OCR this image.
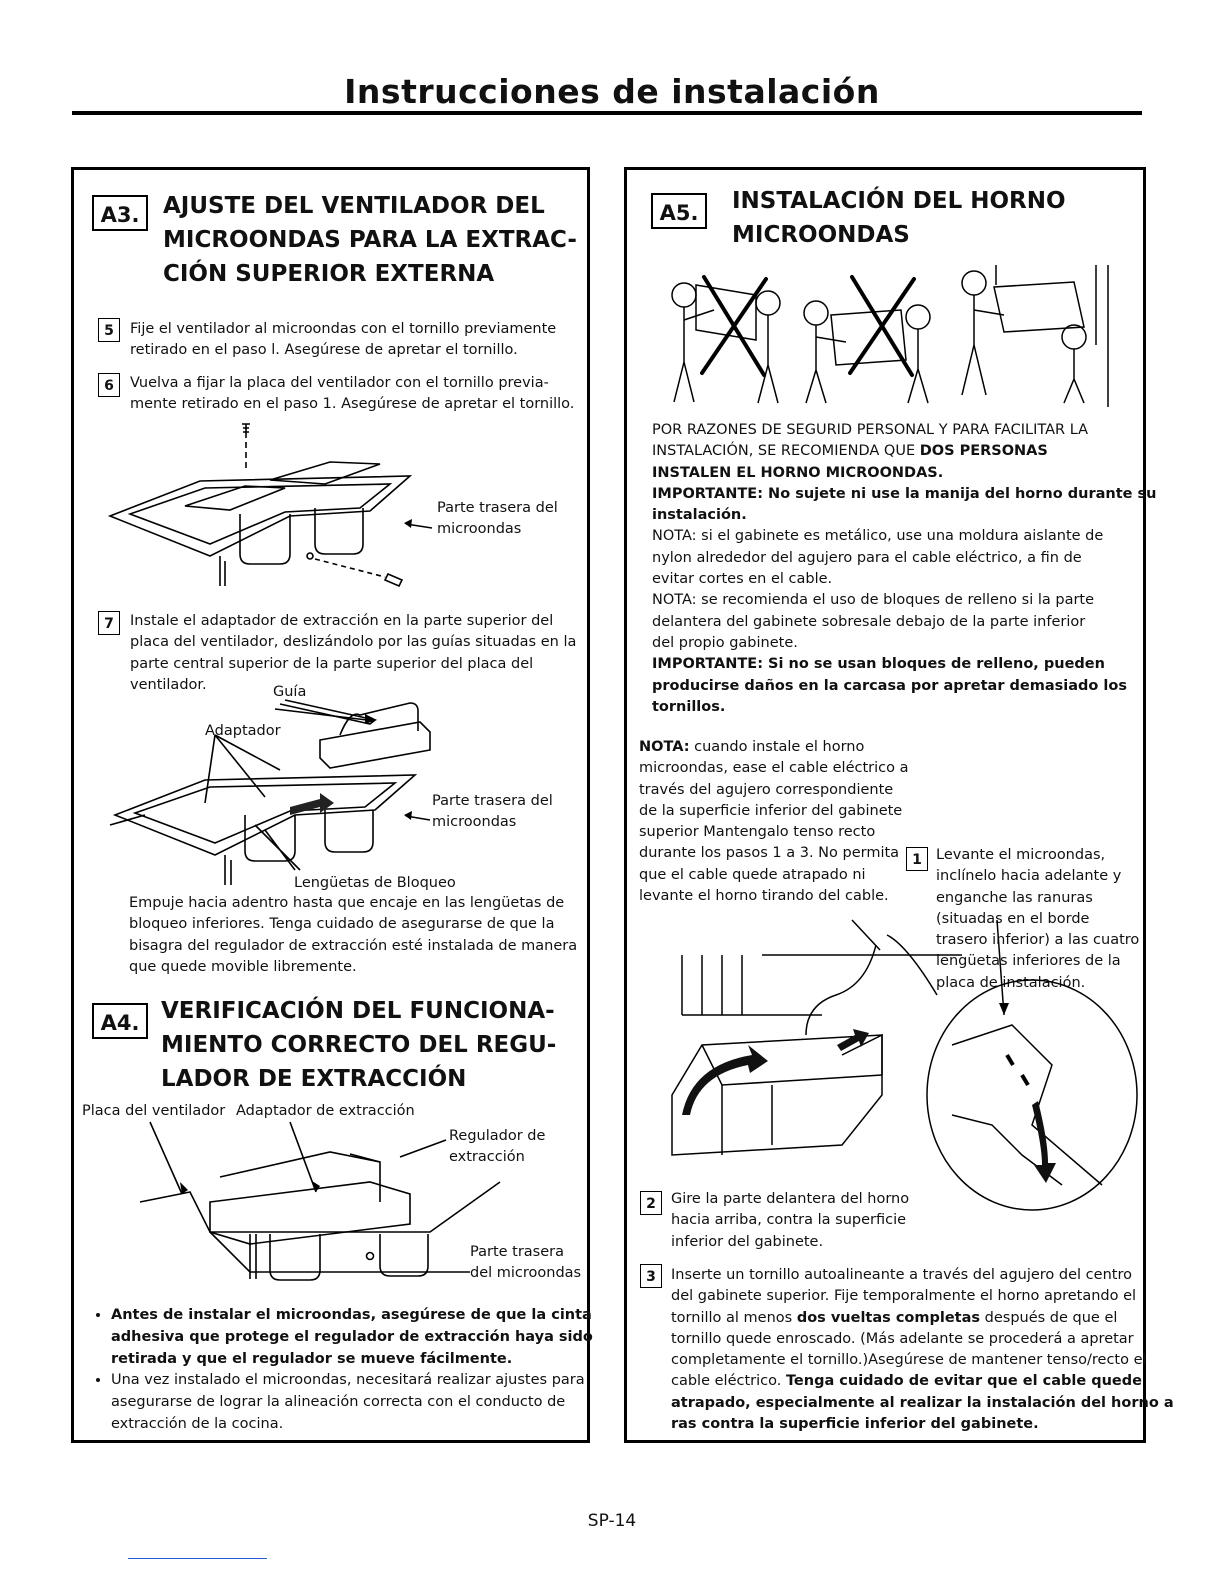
Instrucciones de instalación
A3.	AJUSTE DEL VENTILADOR DEL
MICROONDAS PARA LA EXTRAC-
CIÓN SUPERIOR EXTERNA
5	Fije el ventilador al microondas con el tornillo previamente
retirado en el paso l. Asegúrese de apretar el tornillo.
6	Vuelva a fijar la placa del ventilador con el tornillo previa-
mente retirado en el paso 1. Asegúrese de apretar el tornillo.
Parte trasera del
microondas
7	Instale el adaptador de extracción en la parte superior del
placa del ventilador, deslizándolo por las guías situadas en la
parte central superior de la parte superior del placa del
ventilador.	Guía
Adaptador
Parte trasera del
microondas
Lengüetas de Bloqueo
Empuje hacia adentro hasta que encaje en las lengüetas de
bloqueo inferiores. Tenga cuidado de asegurarse de que la
bisagra del regulador de extracción esté instalada de manera
que quede movible libremente.
A4. VERIFICACIÓN DEL FUNCIONA-
MIENTO CORRECTO DEL REGU-
LADOR DE EXTRACCIÓN
Placa del ventilador Adaptador de extracción
Regulador de
extracción
Parte trasera
del microondas
• Antes de instalar el microondas, asegúrese de que la cinta adhesiva que protege el regulador de extracción haya sido retirada y que el regulador se mueve fácilmente.
• Una vez instalado el microondas, necesitará realizar ajustes para asegurarse de lograr la alineación correcta con el conducto de extracción de la cocina.
A5.	INSTALACIÓN DEL HORNO
MICROONDAS
POR RAZONES DE SEGURID PERSONAL Y PARA FACILITAR LA
INSTALACIÓN, SE RECOMIENDA QUE DOS PERSONAS
INSTALEN EL HORNO MICROONDAS.
IMPORTANTE: No sujete ni use la manija del horno durante su
instalación.
NOTA: si el gabinete es metálico, use una moldura aislante de
nylon alrededor del agujero para el cable eléctrico, a fin de
evitar cortes en el cable.
NOTA: se recomienda el uso de bloques de relleno si la parte
delantera del gabinete sobresale debajo de la parte inferior
del propio gabinete.
IMPORTANTE: Si no se usan bloques de relleno, pueden
producirse daños en la carcasa por apretar demasiado los
tornillos.
NOTA: cuando instale el horno
microondas, ease el cable eléctrico a
través del agujero correspondiente
de la superficie inferior del gabinete
superior Mantengalo tenso recto
durante los pasos 1 a 3. No permita
que el cable quede atrapado ni
levante el horno tirando del cable.
1 Levante el microondas,
inclínelo hacia adelante y
enganche las ranuras
(situadas en el borde
trasero inferior) a las cuatro
lengüetas inferiores de la
placa de instalación.
2	Gire la parte delantera del horno
hacia arriba, contra la superficie
inferior del gabinete.
3	Inserte un tornillo autoalineante a través del agujero del centro
del gabinete superior. Fije temporalmente el horno apretando el
tornillo al menos dos vueltas completas después de que el
tornillo quede enroscado. (Más adelante se procederá a apretar
completamente el tornillo.)Asegúrese de mantener tenso/recto el
cable eléctrico. Tenga cuidado de evitar que el cable quede
atrapado, especialmente al realizar la instalación del horno a
ras contra la superficie inferior del gabinete.
SP-14
